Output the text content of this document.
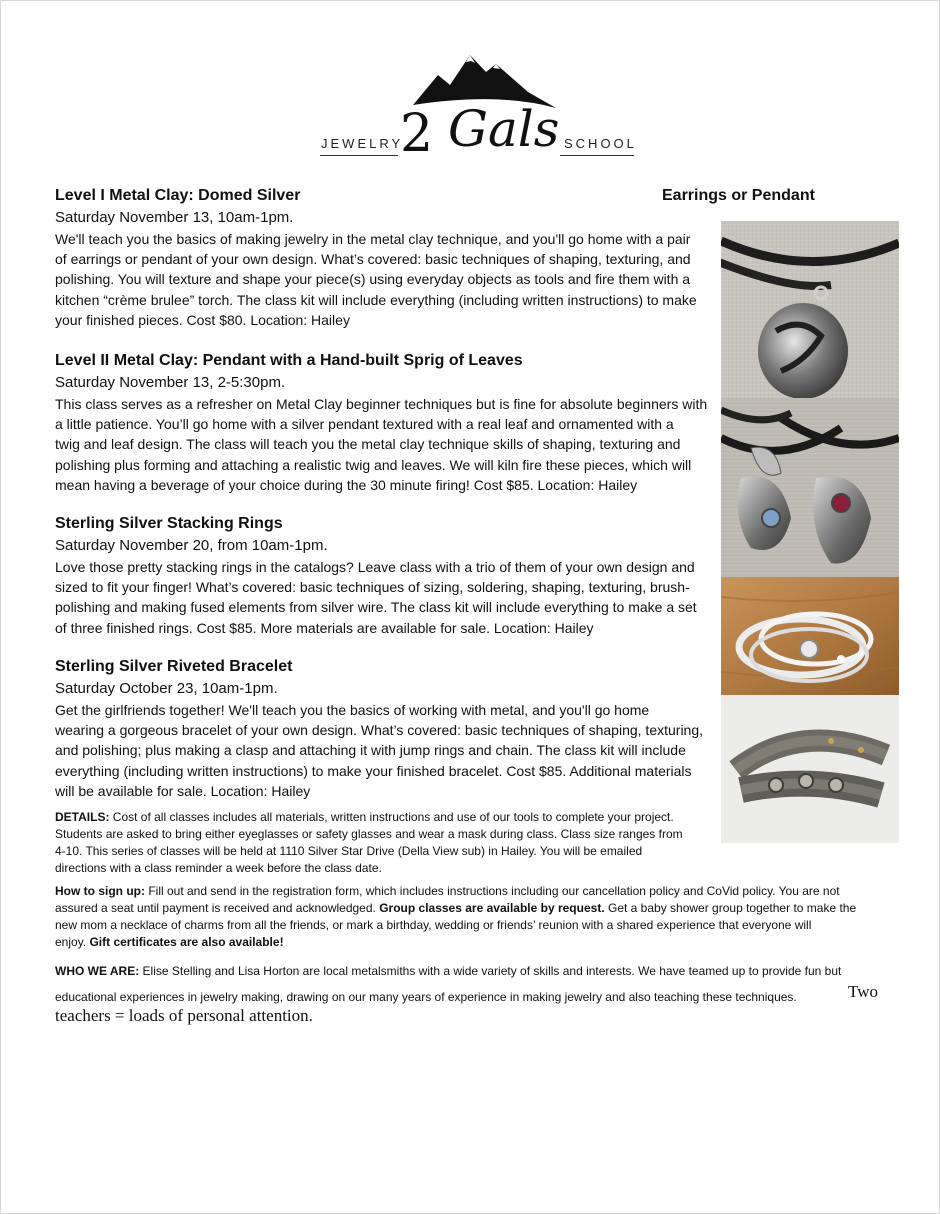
JEWELRY
2 Gals SCHOOL

Level I Metal Clay: Domed Silver

Saturday November 13, 10am-1pm.

We'll teach you the basics of making jewelry in the metal clay technique, and you'll go home with a pair
of earrings or pendant of your own design. What’s covered: basic techniques of shaping, texturing, and
polishing. You will texture and shape your piece(s) using everyday objects as tools and fire them with a
kitchen “crème brulee” torch. The class kit will include everything (including written instructions) to make
your finished pieces. Cost $80. Location: Hailey

Earrings or Pendant

Level II Metal Clay: Pendant with a Hand-built Sprig of Leaves

Saturday November 13, 2-5:30pm.

This class serves as a refresher on Metal Clay beginner techniques but is fine for absolute beginners with
a little patience. You’ll go home with a silver pendant textured with a real leaf and ornamented with a
twig and leaf design. The class will teach you the metal clay technique skills of shaping, texturing and
polishing plus forming and attaching a realistic twig and leaves. We will kiln fire these pieces, which will
mean having a beverage of your choice during the 30 minute firing! Cost $85. Location: Hailey

Sterling Silver Stacking Rings

Saturday November 20, from 10am-1pm.

Love those pretty stacking rings in the catalogs? Leave class with a trio of them of your own design and
sized to fit your finger! What’s covered: basic techniques of sizing, soldering, shaping, texturing, brush-
polishing and making fused elements from silver wire. The class kit will include everything to make a set
of three finished rings. Cost $85. More materials are available for sale. Location: Hailey

Sterling Silver Riveted Bracelet

Saturday October 23, 10am-1pm.

Get the girlfriends together! We'll teach you the basics of working with metal, and you'll go home
wearing a gorgeous bracelet of your own design. What’s covered: basic techniques of shaping, texturing,
and polishing; plus making a clasp and attaching it with jump rings and chain. The class kit will include
everything (including written instructions) to make your finished bracelet. Cost $85. Additional materials
will be available for sale. Location: Hailey

DETAILS: Cost of all classes includes all materials, written instructions and use of our tools to complete your project.
Students are asked to bring either eyeglasses or safety glasses and wear a mask during class. Class size ranges from
4-10. This series of classes will be held at 1110 Silver Star Drive (Della View sub) in Hailey. You will be emailed
directions with a class reminder a week before the class date.
How to sign up: Fill out and send in the registration form, which includes instructions including our cancellation policy and CoVid policy. You are not
assured a seat until payment is received and acknowledged. Group classes are available by request. Get a baby shower group together to make the
new mom a necklace of charms from all the friends, or mark a birthday, wedding or friends’ reunion with a shared experience that everyone will
enjoy. Gift certificates are also available!
WHO WE ARE: Elise Stelling and Lisa Horton are local metalsmiths with a wide variety of skills and interests. We have teamed up to provide fun but
educational experiences in jewelry making, drawing on our many years of experience in making jewelry and also teaching these techniques.	Two
teachers = loads of personal attention.
